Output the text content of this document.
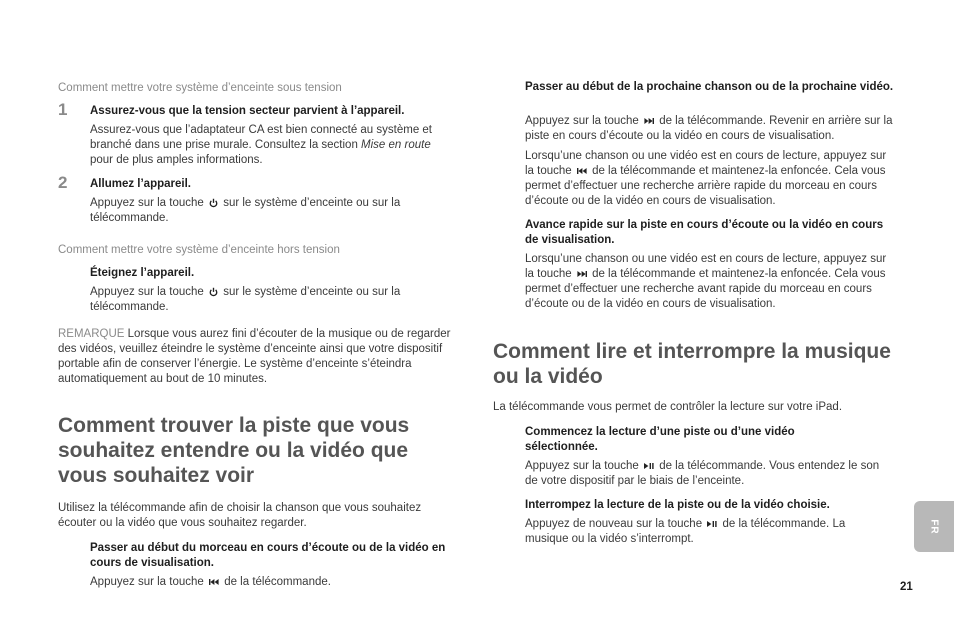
Comment mettre votre système d’enceinte sous tension
1 Assurez-vous que la tension secteur parvient à l’appareil.
Assurez-vous que l’adaptateur CA est bien connecté au système et branché dans une prise murale. Consultez la section Mise en route pour de plus amples informations.
2 Allumez l’appareil.
Appuyez sur la touche
sur le système d’enceinte ou sur la télécommande.
Comment mettre votre système d’enceinte hors tension
Éteignez l’appareil.
Appuyez sur la touche
sur le système d’enceinte ou sur la télécommande.
REMARQUE Lorsque vous aurez fini d’écouter de la musique ou de regarder des vidéos, veuillez éteindre le système d’enceinte ainsi que votre dispositif portable afin de conserver l’énergie. Le système d’enceinte s’éteindra automatiquement au bout de 10 minutes.
Comment trouver la piste que vous souhaitez entendre ou la vidéo que vous souhaitez voir
Utilisez la télécommande afin de choisir la chanson que vous souhaitez écouter ou la vidéo que vous souhaitez regarder.
Passer au début du morceau en cours d’écoute ou de la vidéo en cours de visualisation.
Appuyez sur la touche
de la télécommande.
Passer au début de la prochaine chanson ou de la prochaine vidéo.
Appuyez sur la touche
de la télécommande. Revenir en arrière sur la piste en cours d’écoute ou la vidéo en cours de visualisation.
Lorsqu’une chanson ou une vidéo est en cours de lecture, appuyez sur la touche
de la télécommande et maintenez-la enfoncée. Cela vous permet d’effectuer une recherche arrière rapide du morceau en cours d’écoute ou de la vidéo en cours de visualisation.
Avance rapide sur la piste en cours d’écoute ou la vidéo en cours de visualisation.
Lorsqu’une chanson ou une vidéo est en cours de lecture, appuyez sur la touche
de la télécommande et maintenez-la enfoncée. Cela vous permet d’effectuer une recherche avant rapide du morceau en cours d’écoute ou de la vidéo en cours de visualisation.
Comment lire et interrompre la musique ou la vidéo
La télécommande vous permet de contrôler la lecture sur votre iPad.
Commencez la lecture d’une piste ou d’une vidéo sélectionnée.
Appuyez sur la touche
de la télécommande. Vous entendez le son de votre dispositif par le biais de l’enceinte.
Interrompez la lecture de la piste ou de la vidéo choisie.
Appuyez de nouveau sur la touche
de la télécommande. La musique ou la vidéo s’interrompt.
FR
21
